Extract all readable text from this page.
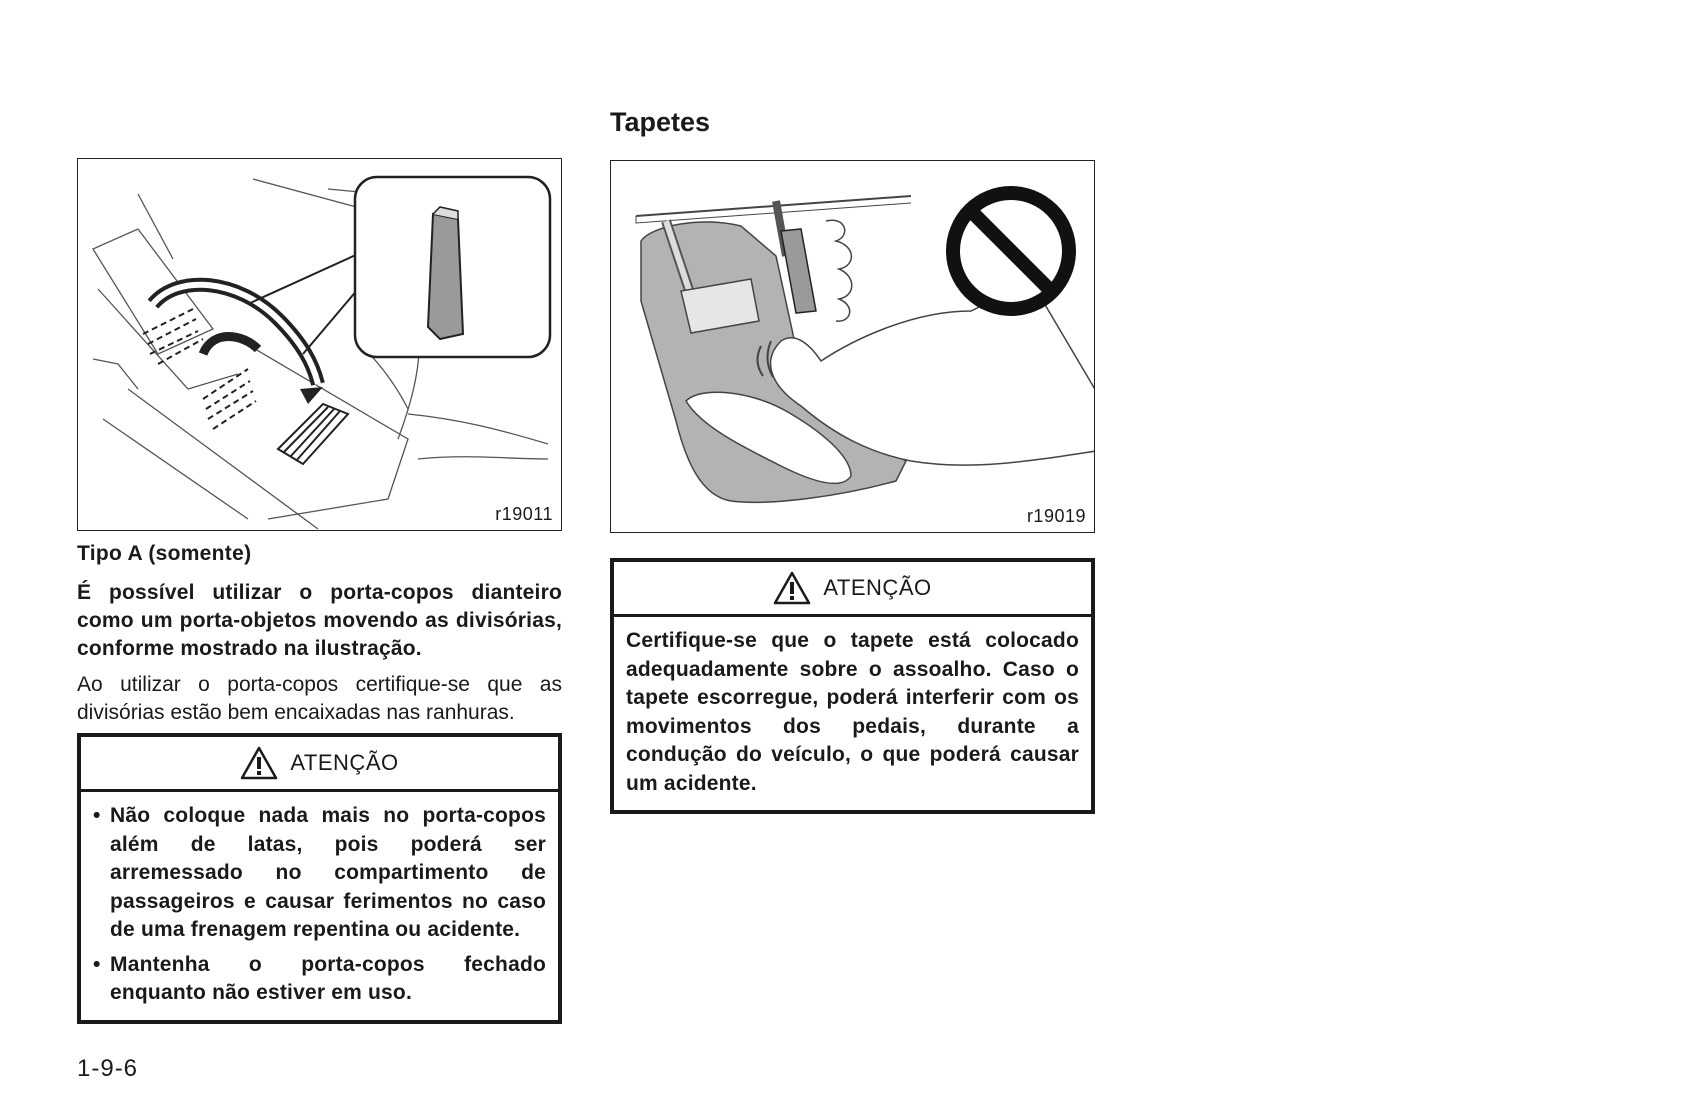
r19011
Tipo A (somente)

É possível utilizar o porta-copos dianteiro como um porta-objetos movendo as divisórias, conforme mostrado na ilustração.

Ao utilizar o porta-copos certifique-se que as divisórias estão bem encaixadas nas ranhuras.

ATENÇÃO
• Não coloque nada mais no porta-copos além de latas, pois poderá ser arremessado no compartimento de passageiros e causar ferimentos no caso de uma frenagem repentina ou acidente.

• Mantenha o porta-copos fechado enquanto não estiver em uso.

Tapetes
r19019
ATENÇÃO

Certifique-se que o tapete está colocado adequadamente sobre o assoalho. Caso o tapete escorregue, poderá interferir com os movimentos dos pedais, durante a condução do veículo, o que poderá causar um acidente.

1-9-6
